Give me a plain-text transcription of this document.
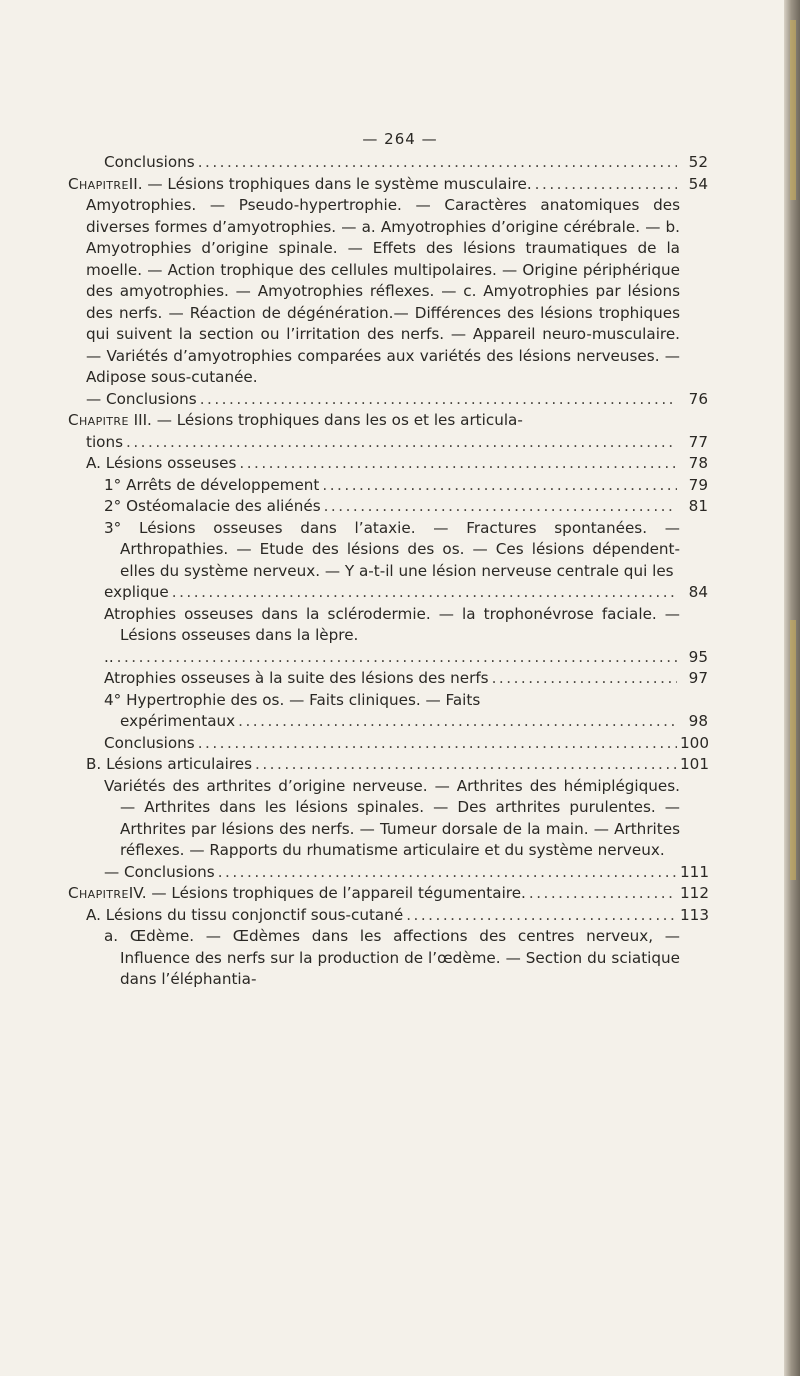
— 264 —
Conclusions .....	52
Chapitre II. — Lésions trophiques dans le système musculaire. .....	54
Amyotrophies. — Pseudo-hypertrophie. — Caractères anatomiques des diverses formes d’amyotrophies. — a. Amyotrophies d’origine cérébrale. — b. Amyotrophies d’origine spinale. — Effets des lésions traumatiques de la moelle. — Action trophique des cellules multipolaires. — Origine périphérique des amyotrophies. — Amyotrophies réflexes. — c. Amyotrophies par lésions des nerfs. — Réaction de dégénération.— Différences des lésions trophiques qui suivent la section ou l’irritation des nerfs. — Appareil neuro-musculaire. — Variétés d’amyotrophies comparées aux variétés des lésions nerveuses. — Adipose sous-cutanée.
— Conclusions .....	76
Chapitre III. — Lésions trophiques dans les os et les articula-
tions .....	77
A. Lésions osseuses .....	78
1° Arrêts de développement .....	79
2° Ostéomalacie des aliénés .....	81
3° Lésions osseuses dans l’ataxie. — Fractures spontanées. — Arthropathies. — Etude des lésions des os. — Ces lésions dépendent-elles du système nerveux. — Y a-t-il une lésion nerveuse centrale qui les
explique .....	84
Atrophies osseuses dans la sclérodermie. — la trophonévrose faciale. — Lésions osseuses dans la lèpre.
.. .....	95
Atrophies osseuses à la suite des lésions des nerfs .....	97
4° Hypertrophie des os. — Faits cliniques. — Faits
expérimentaux .....	98
Conclusions .....	100
B. Lésions articulaires .....	101
Variétés des arthrites d’origine nerveuse. — Arthrites des hémiplégiques. — Arthrites dans les lésions spinales. — Des arthrites purulentes. — Arthrites par lésions des nerfs. — Tumeur dorsale de la main. — Arthrites réflexes. — Rapports du rhumatisme articulaire et du système nerveux.
— Conclusions .....	111
Chapitre IV. — Lésions trophiques de l’appareil tégumentaire. .....	112
A. Lésions du tissu conjonctif sous-cutané .....	113
a. Œdème. — Œdèmes dans les affections des centres nerveux, — Influence des nerfs sur la production de l’œdème. — Section du sciatique dans l’éléphantia-
